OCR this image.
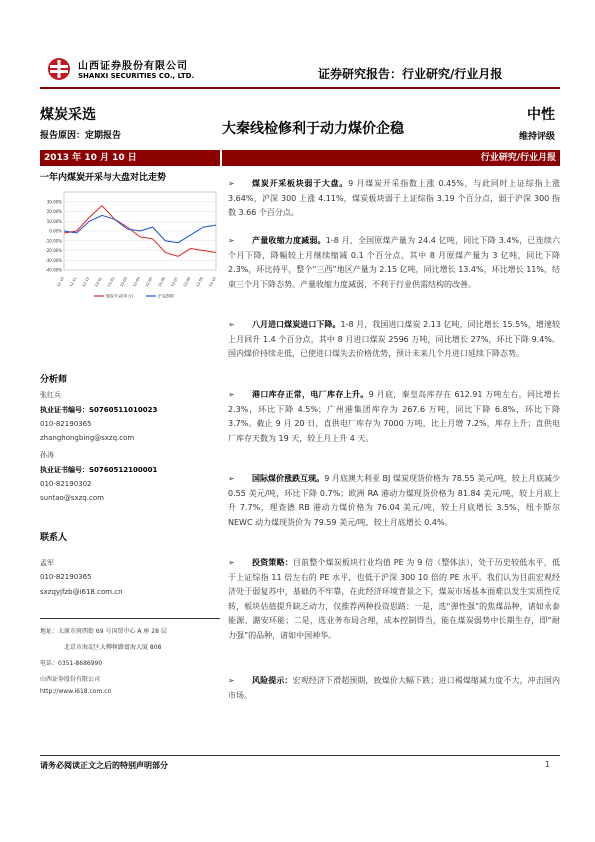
山西证券股份有限公司
SHANXI SECURITIES CO., LTD.	证券研究报告：行业研究/行业月报
煤炭采选
报告原因：定期报告	大秦线检修利于动力煤价企稳
中性
维持评级
2013 年 10 月 10 日	行业研究/行业月报
一年内煤炭开采与大盘对比走势
30.00%
20.00%
10.00%
0.00%
-10.00%
-20.00%
-30.00%
-40.00%
12-10 12-11 12-12 13-01 13-02 13-03 13-04 13-05 13-06 13-07 13-08 13-09 13-10
煤炭开采(申万)	沪深300
分析师
张红兵
执业证书编号：S0760511010023
010-82190365
zhanghongbing@sxzq.com
孙涛
执业证书编号：S0760512100001
010-82190302
suntao@sxzq.com
联系人
孟军
010-82190365
sxzqyjfzb@i618.com.cn
地址：太原市府西街 69 号国贸中心 A 座 28 层
北京市海淀区大柳树路富海大厦 808
电话：0351-8686990
山西证券股份有限公司
http://www.i618.com.cn
➢	煤炭开采板块弱于大盘。9 月煤炭开采指数上涨 0.45%，与此同时上证综指上涨 3.64%，沪深 300 上涨 4.11%，煤炭板块弱于上证综指 3.19 个百分点，弱于沪深 300 指数 3.66 个百分点。

➢	产量收缩力度减弱。1-8 月，全国原煤产量为 24.4 亿吨，同比下降 3.4%，已连续六个月下降，降幅较上月继续缩减 0.1 个百分点，其中 8 月原煤产量为 3 亿吨，同比下降 2.3%，环比持平，整个“三西”地区产量为 2.15 亿吨，同比增长 13.4%，环比增长 11%，结束三个月下降态势。产量收缩力度减弱，不利于行业供需结构的改善。

➢	八月进口煤炭进口下降。1-8 月，我国进口煤炭 2.13 亿吨，同比增长 15.5%，增速较上月回升 1.4 个百分点，其中 8 月进口煤炭 2596 万吨，同比增长 27%，环比下降 9.4%。国内煤价持续走低，已使进口煤失去价格优势，预计未来几个月进口延续下降态势。

➢	港口库存正常，电厂库存上升。9 月底，秦皇岛库存在 612.91 万吨左右，同比增长 2.3%，环比下降 4.5%；广州港集团库存为 267.6 万吨，同比下降 6.8%，环比下降 3.7%。截止 9 月 20 日，直供电厂库存为 7000 万吨，比上月增 7.2%，库存上升；直供电厂库存天数为 19 天，较上月上升 4 天。

➢	国际煤价涨跌互现。9 月底澳大利亚 BJ 煤炭现货价格为 78.55 美元/吨，较上月底减少 0.55 美元/吨，环比下降 0.7%；欧洲 RA 港动力煤现货价格为 81.84 美元/吨，较上月底上升 7.7%，理查德 RB 港动力煤价格为 76.04 美元/吨，较上月底增长 3.5%，纽卡斯尔 NEWC 动力煤现货价为 79.59 美元/吨，较上月底增长 0.4%。

➢	投资策略：目前整个煤炭板块行业均值 PE 为 9 倍（整体法），处于历史较低水平，低于上证综指 11 倍左右的 PE 水平，也低于沪深 300 10 倍的 PE 水平。我们认为目前宏观经济处于弱复苏中，基础仍不牢靠，在此经济环境背景之下，煤炭市场基本面难以发生实质性反转，板块估值提升缺乏动力，仅推荐两种投资思路：一是，选“弹性强”的焦煤品种，诸如永泰能源、潞安环能；二是，选业务布局合理，成本控制得当，能在煤炭弱势中长期生存，即“耐力强”的品种，诸如中国神华。

➢	风险提示：宏观经济下滑超预期，致煤价大幅下跌；进口褐煤缩减力度不大，冲击国内市场。

请务必阅读正文之后的特别声明部分	1
